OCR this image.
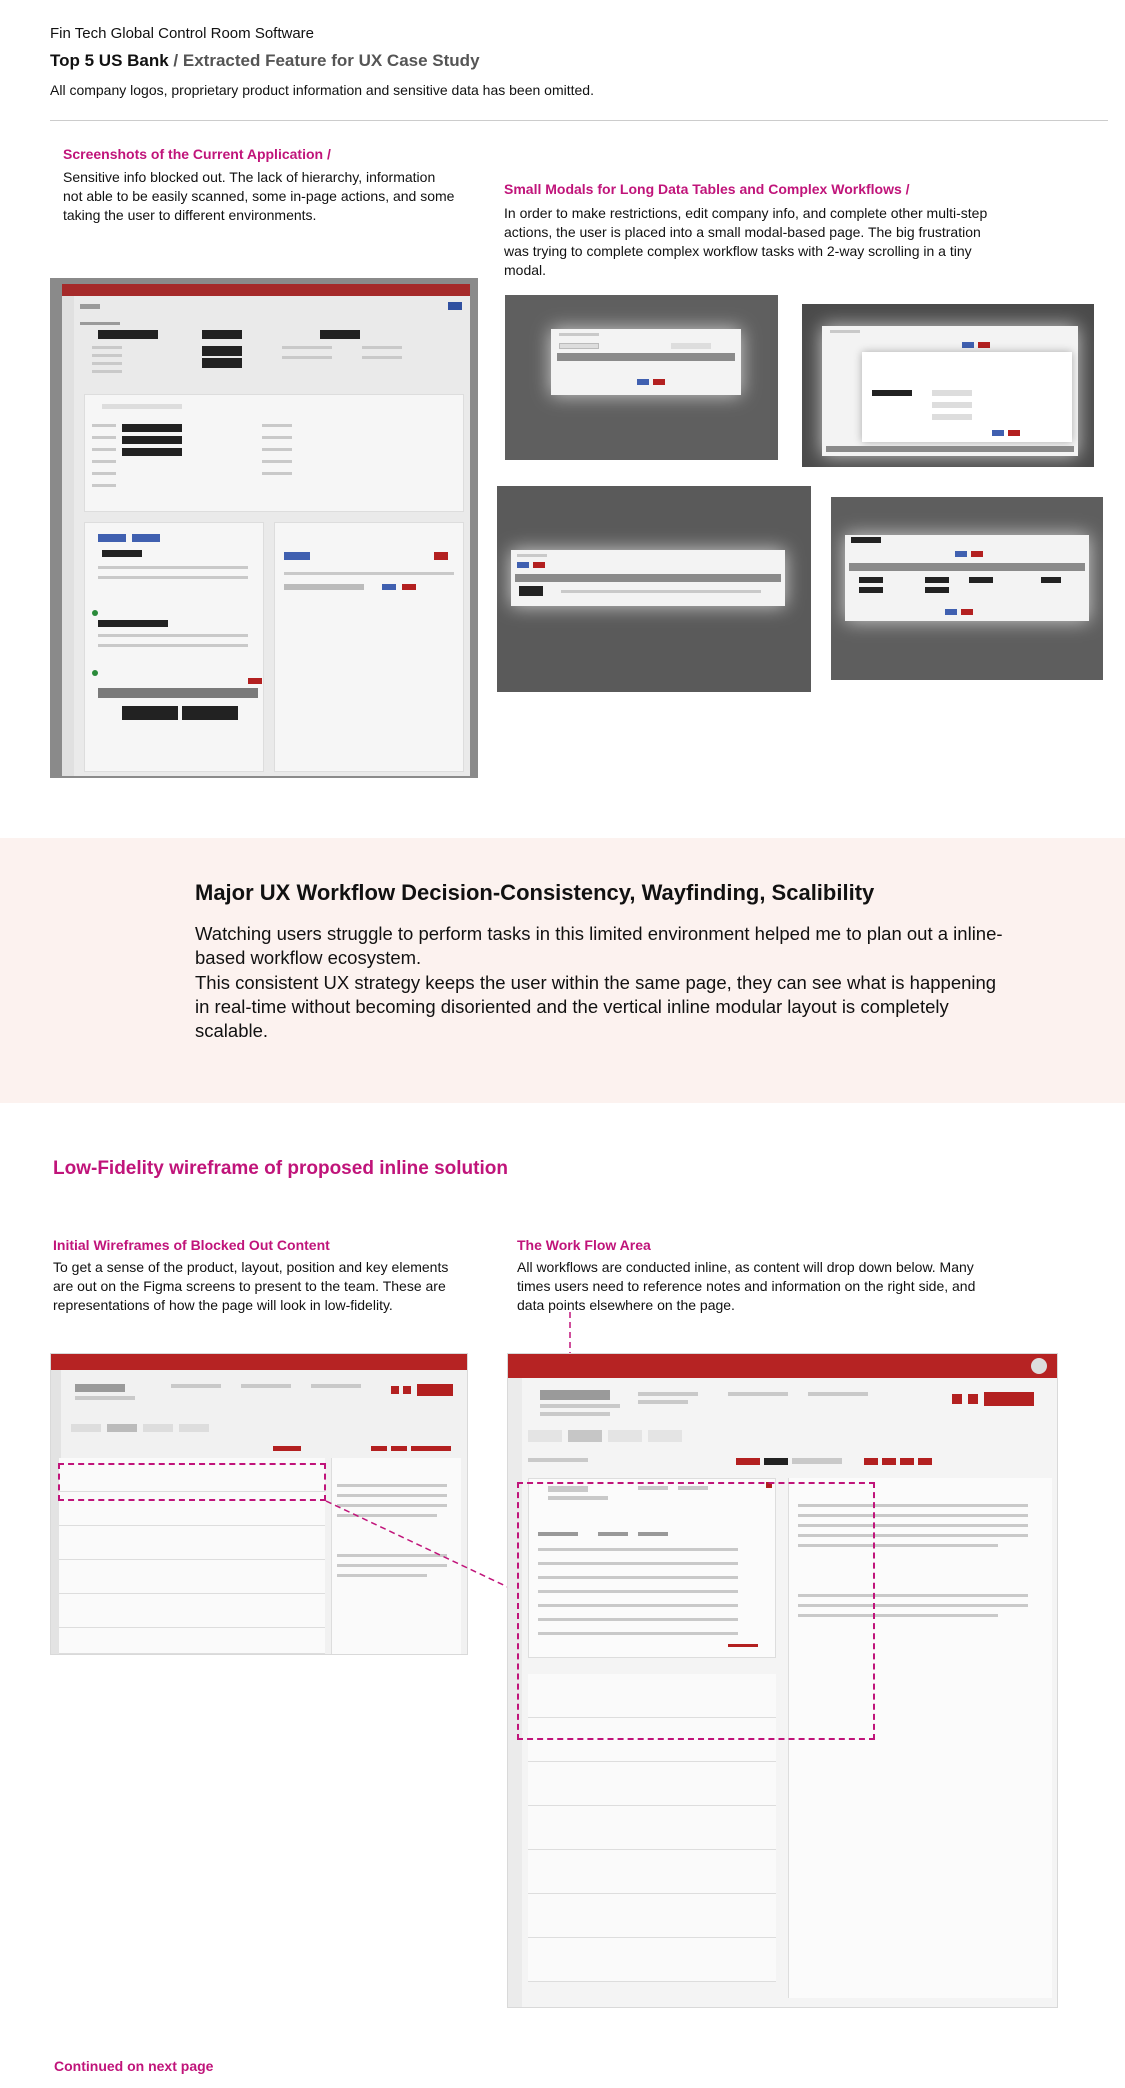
Fin Tech Global Control Room Software
Top 5 US Bank / Extracted Feature for UX Case Study
All company logos, proprietary product information and sensitive data has been omitted.
Screenshots of the Current Application /
Sensitive info blocked out. The lack of hierarchy, information not able to be easily scanned, some in-page actions, and some taking the user to different environments.
Small Modals for Long Data Tables and Complex Workflows /
In order to make restrictions, edit company info, and complete other multi-step actions, the user is placed into a small modal-based page. The big frustration was trying to complete complex workflow tasks with 2-way scrolling in a tiny modal.
Major UX Workflow Decision-Consistency, Wayfinding, Scalibility
Watching users struggle to perform tasks in this limited environment helped me to plan out a inline-based workflow ecosystem.
This consistent UX strategy keeps the user within the same page, they can see what is happening in real-time without becoming disoriented and the vertical inline modular layout is completely scalable.
Low-Fidelity wireframe of proposed inline solution
Initial Wireframes of Blocked Out Content
To get a sense of the product, layout, position and key elements are out on the Figma screens to present to the team. These are representations of how the page will look in low-fidelity.
The Work Flow Area
All workflows are conducted inline, as content will drop down below. Many times users need to reference notes and information on the right side, and data points elsewhere on the page.
Continued on next page
